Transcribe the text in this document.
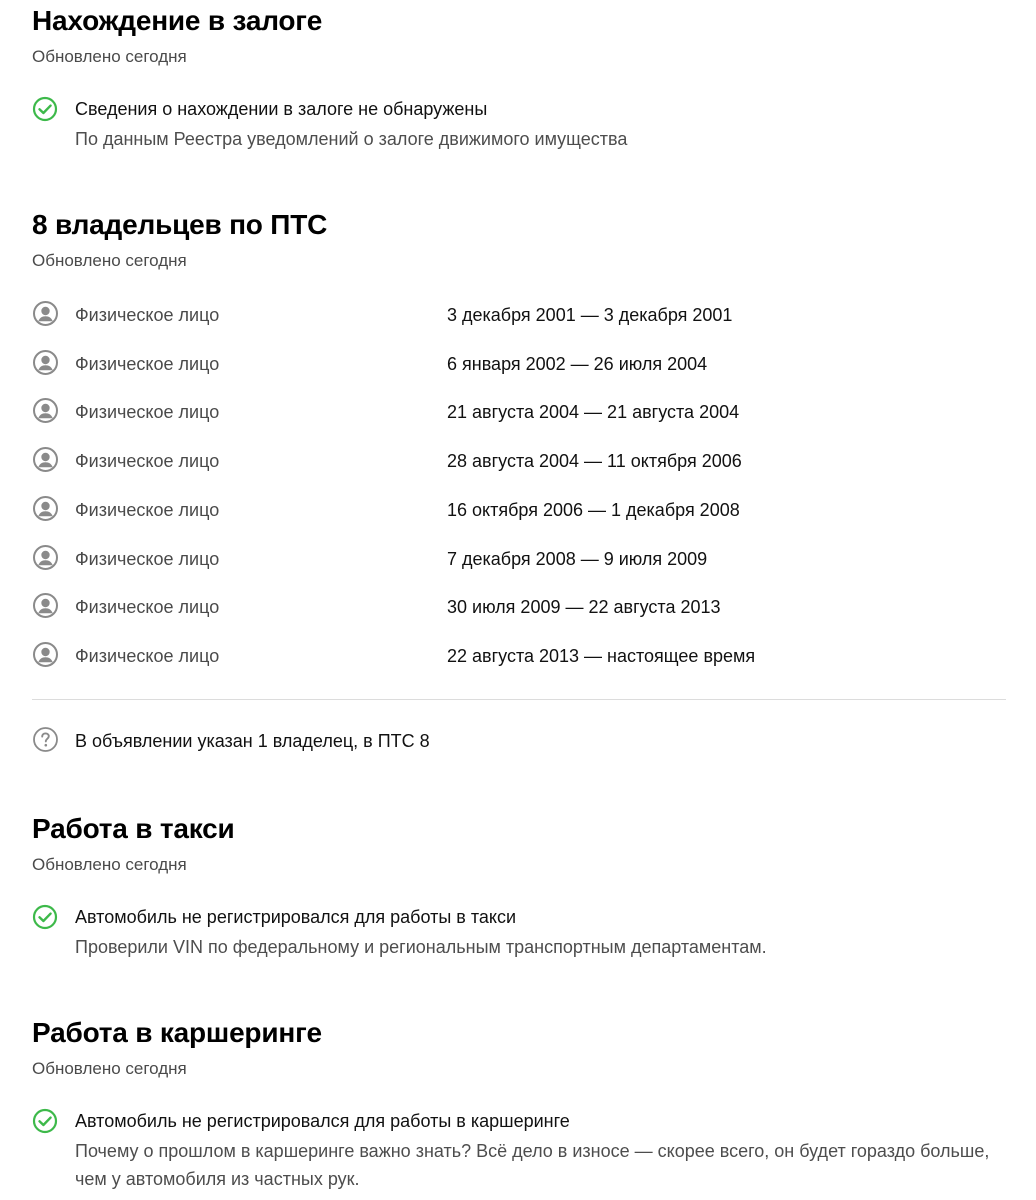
Нахождение в залоге
Обновлено сегодня
Сведения о нахождении в залоге не обнаружены
По данным Реестра уведомлений о залоге движимого имущества
8 владельцев по ПТС
Обновлено сегодня
Физическое лицо	3 декабря 2001 — 3 декабря 2001
Физическое лицо	6 января 2002 — 26 июля 2004
Физическое лицо	21 августа 2004 — 21 августа 2004
Физическое лицо	28 августа 2004 — 11 октября 2006
Физическое лицо	16 октября 2006 — 1 декабря 2008
Физическое лицо	7 декабря 2008 — 9 июля 2009
Физическое лицо	30 июля 2009 — 22 августа 2013
Физическое лицо	22 августа 2013 — настоящее время
В объявлении указан 1 владелец, в ПТС 8
Работа в такси
Обновлено сегодня
Автомобиль не регистрировался для работы в такси
Проверили VIN по федеральному и региональным транспортным департаментам.
Работа в каршеринге
Обновлено сегодня
Автомобиль не регистрировался для работы в каршеринге
Почему о прошлом в каршеринге важно знать? Всё дело в износе — скорее всего, он будет гораздо больше, чем у автомобиля из частных рук.
